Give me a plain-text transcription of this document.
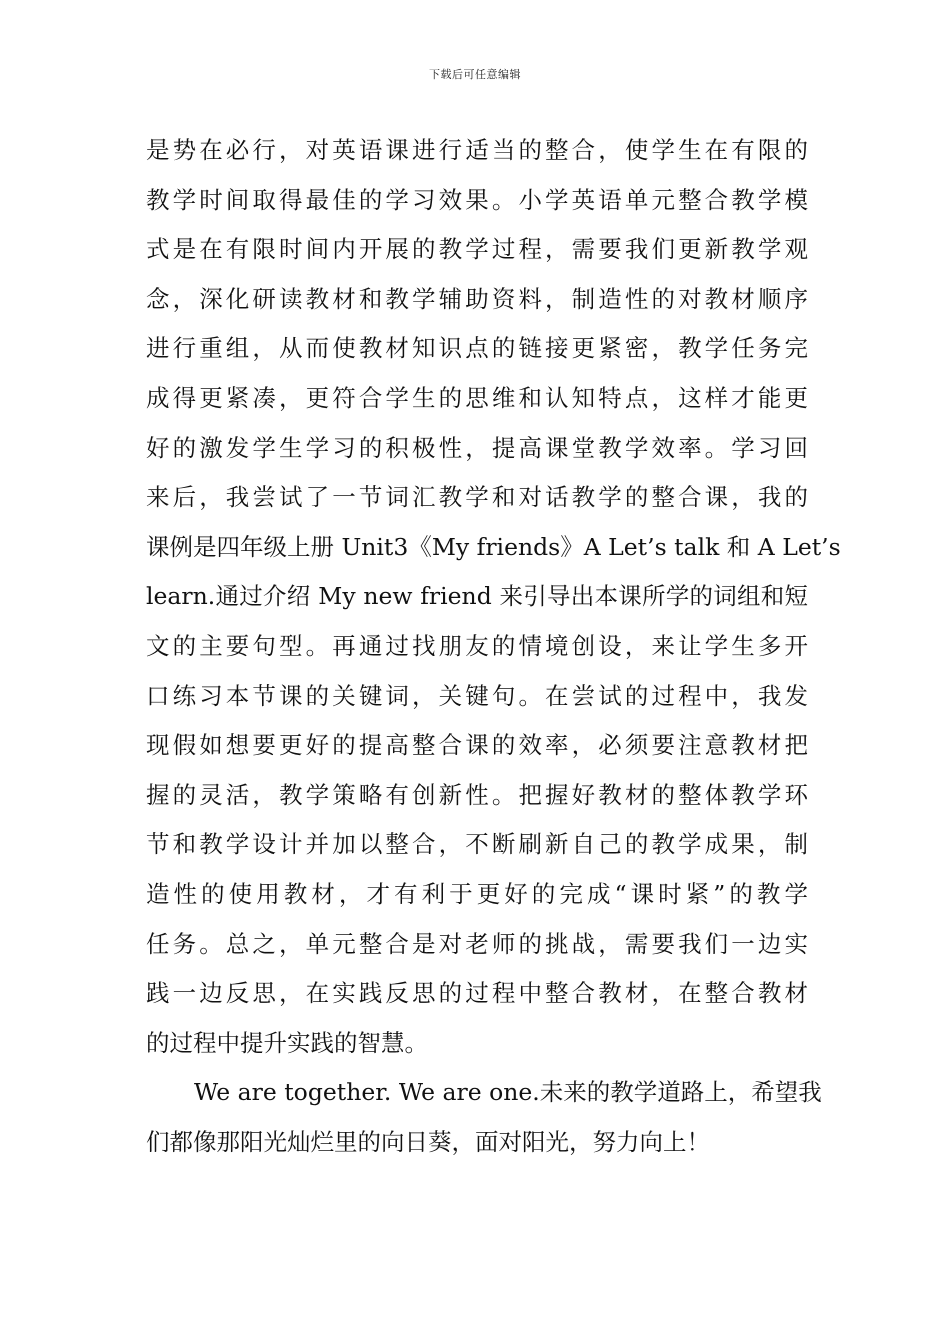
下载后可任意编辑
是势在必行，对英语课进行适当的整合，使学生在有限的
教学时间取得最佳的学习效果。小学英语单元整合教学模
式是在有限时间内开展的教学过程，需要我们更新教学观
念，深化研读教材和教学辅助资料，制造性的对教材顺序
进行重组，从而使教材知识点的链接更紧密，教学任务完
成得更紧凑，更符合学生的思维和认知特点，这样才能更
好的激发学生学习的积极性，提高课堂教学效率。学习回
来后，我尝试了一节词汇教学和对话教学的整合课，我的
课例是四年级上册 Unit3《My friends》A Let’s talk 和 A Let’s
learn.通过介绍 My new friend 来引导出本课所学的词组和短
文的主要句型。再通过找朋友的情境创设，来让学生多开
口练习本节课的关键词，关键句。在尝试的过程中，我发
现假如想要更好的提高整合课的效率，必须要注意教材把
握的灵活，教学策略有创新性。把握好教材的整体教学环
节和教学设计并加以整合，不断刷新自己的教学成果，制
造性的使用教材，才有利于更好的完成“课时紧”的教学
任务。总之，单元整合是对老师的挑战，需要我们一边实
践一边反思，在实践反思的过程中整合教材，在整合教材
的过程中提升实践的智慧。
We are together. We are one.未来的教学道路上，希望我
们都像那阳光灿烂里的向日葵，面对阳光，努力向上！
